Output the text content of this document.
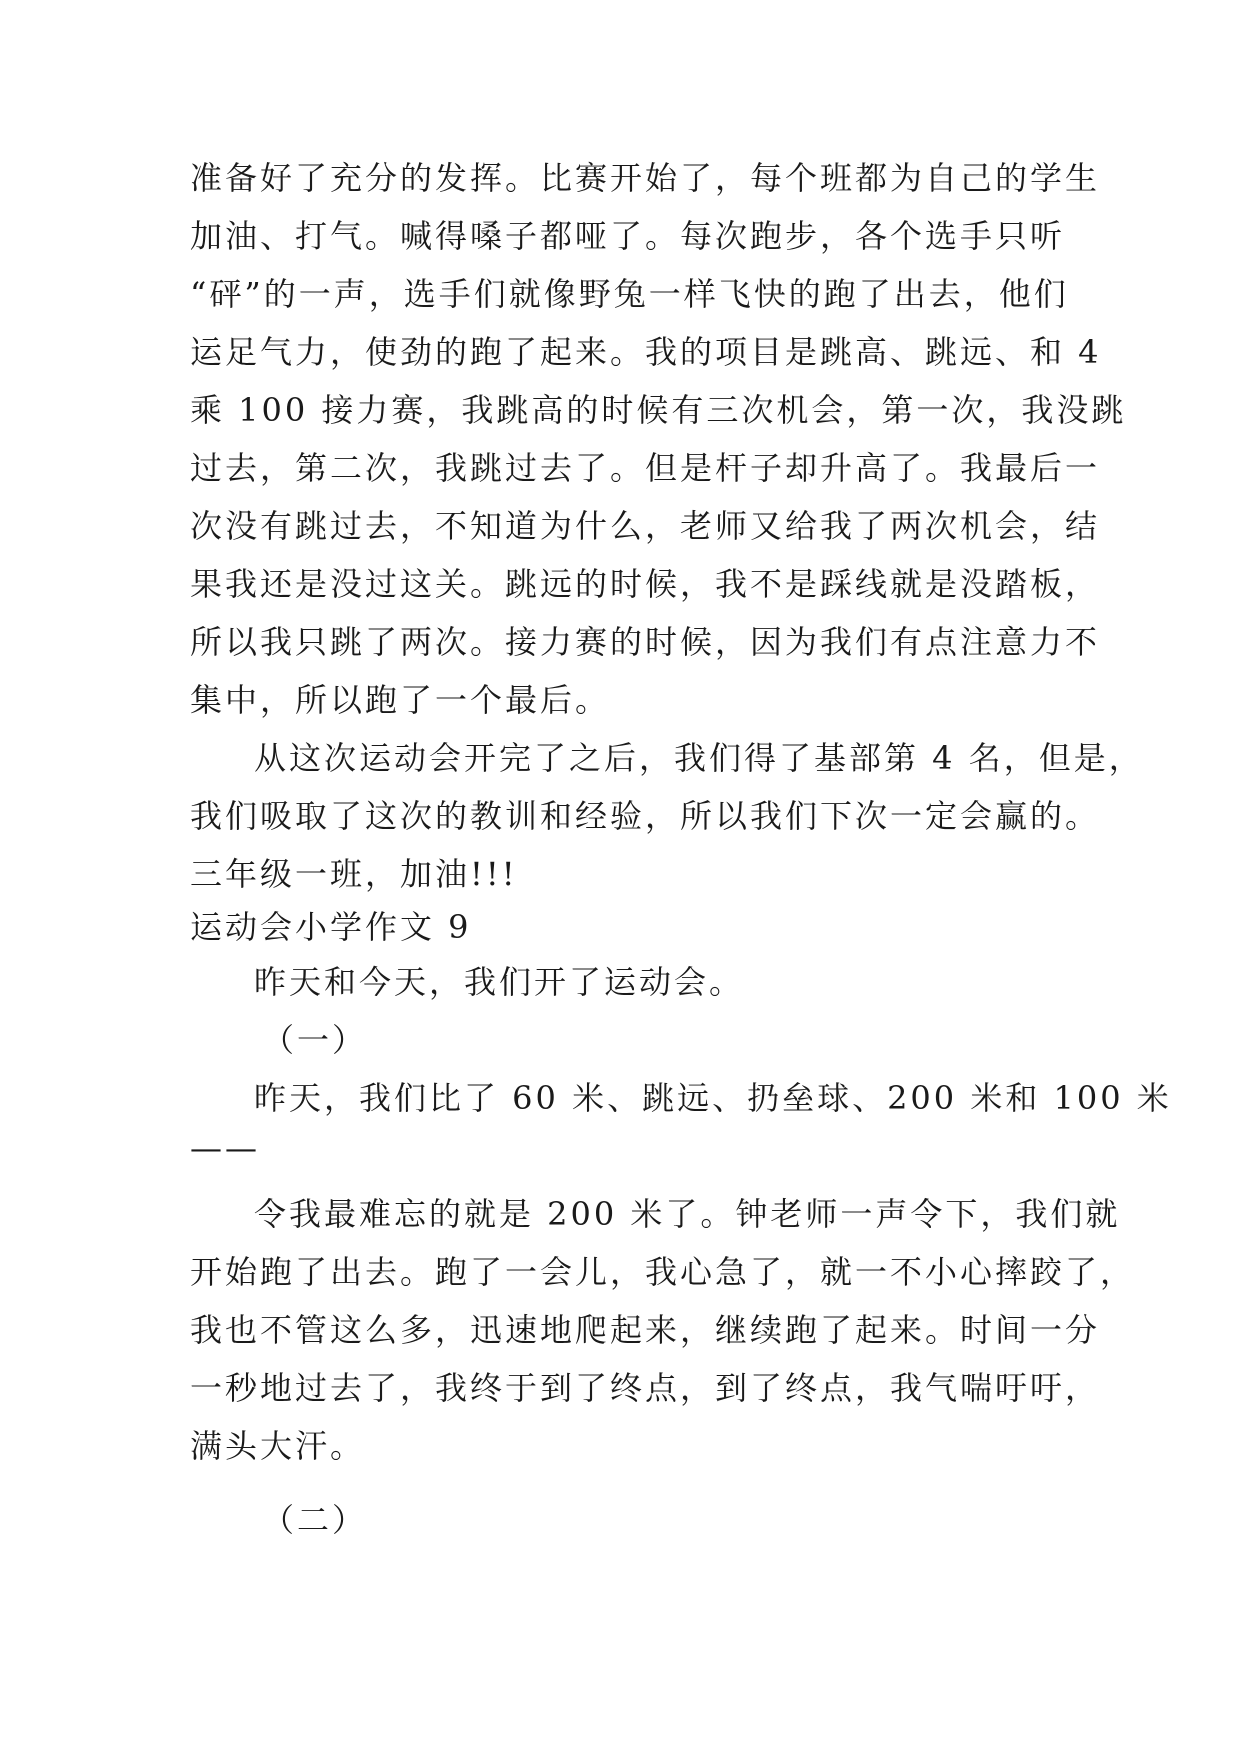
准备好了充分的发挥。比赛开始了，每个班都为自己的学生
加油、打气。喊得嗓子都哑了。每次跑步，各个选手只听
“砰”的一声，选手们就像野兔一样飞快的跑了出去，他们
运足气力，使劲的跑了起来。我的项目是跳高、跳远、和 4
乘 100 接力赛，我跳高的时候有三次机会，第一次，我没跳
过去，第二次，我跳过去了。但是杆子却升高了。我最后一
次没有跳过去，不知道为什么，老师又给我了两次机会，结
果我还是没过这关。跳远的时候，我不是踩线就是没踏板，
所以我只跳了两次。接力赛的时候，因为我们有点注意力不
集中，所以跑了一个最后。
从这次运动会开完了之后，我们得了基部第 4 名，但是，
我们吸取了这次的教训和经验，所以我们下次一定会赢的。
三年级一班，加油!!!
运动会小学作文 9
昨天和今天，我们开了运动会。
（一）
昨天，我们比了 60 米、跳远、扔垒球、200 米和 100 米
——
令我最难忘的就是 200 米了。钟老师一声令下，我们就
开始跑了出去。跑了一会儿，我心急了，就一不小心摔跤了，
我也不管这么多，迅速地爬起来，继续跑了起来。时间一分
一秒地过去了，我终于到了终点，到了终点，我气喘吁吁，
满头大汗。
（二）
